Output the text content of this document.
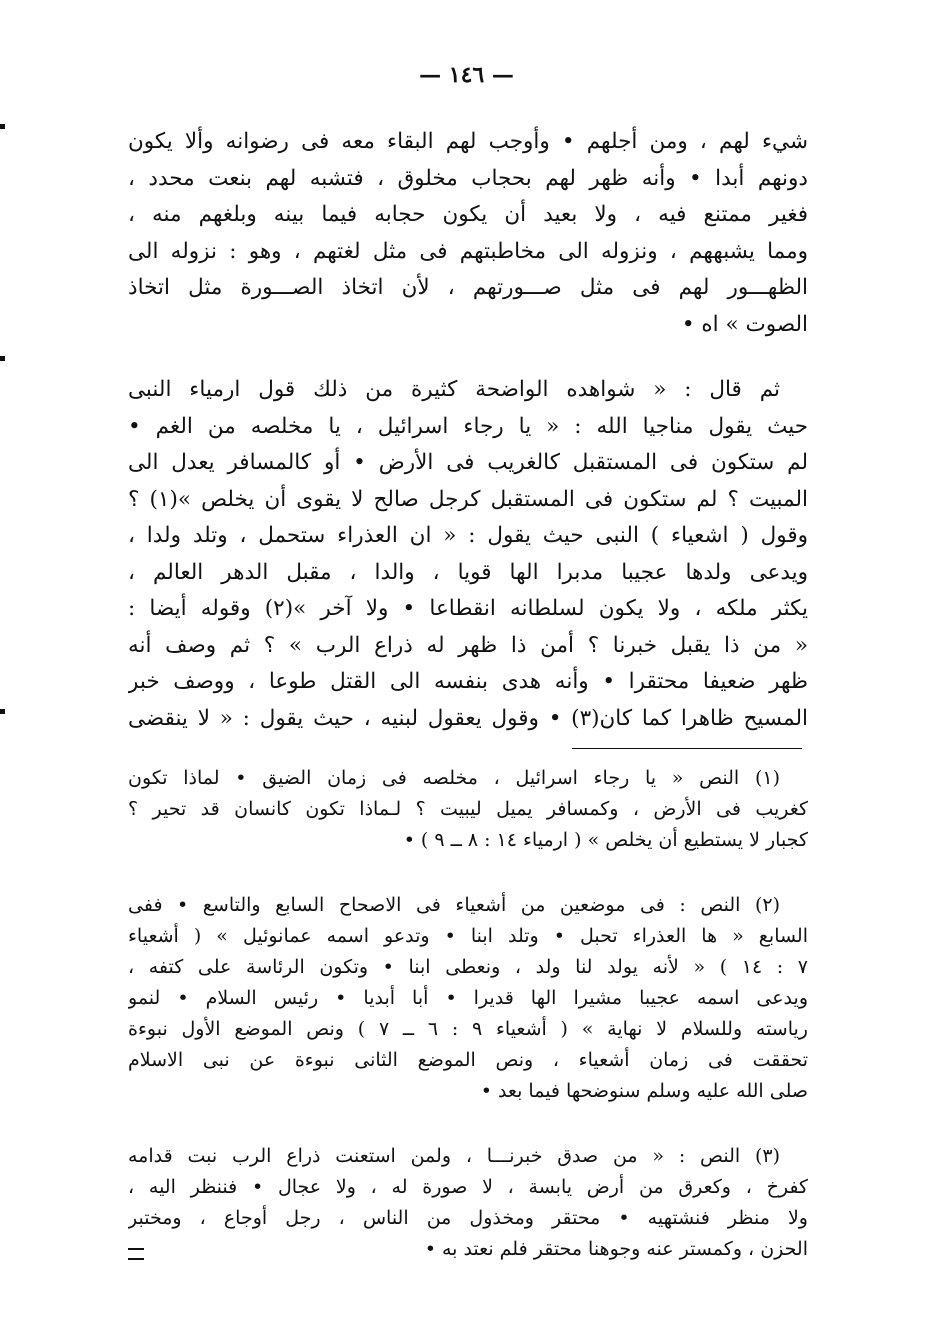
— ١٤٦ —
شيء لهم ، ومن أجلهم • وأوجب لهم البقاء معه فى رضوانه وألا يكون
دونهم أبدا • وأنه ظهر لهم بحجاب مخلوق ، فتشبه لهم بنعت محدد ،
فغير ممتنع فيه ، ولا بعيد أن يكون حجابه فيما بينه وبلغهم منه ،
ومما يشبههم ، ونزوله الى مخاطبتهم فى مثل لغتهم ، وهو : نزوله الى
الظهـــور لهم فى مثل صـــورتهم ، لأن اتخاذ الصـــورة مثل اتخاذ
الصوت » اه •
ثم قال : « شواهده الواضحة كثيرة من ذلك قول ارمياء النبى
حيث يقول مناجيا الله : « يا رجاء اسرائيل ، يا مخلصه من الغم •
لم ستكون فى المستقبل كالغريب فى الأرض • أو كالمسافر يعدل الى
المبيت ؟ لم ستكون فى المستقبل كرجل صالح لا يقوى أن يخلص »(١) ؟
وقول ( اشعياء ) النبى حيث يقول : « ان العذراء ستحمل ، وتلد ولدا ،
ويدعى ولدها عجيبا مدبرا الها قويا ، والدا ، مقبل الدهر العالم ،
يكثر ملكه ، ولا يكون لسلطانه انقطاعا • ولا آخر »(٢) وقوله أيضا :
« من ذا يقبل خبرنا ؟ أمن ذا ظهر له ذراع الرب » ؟ ثم وصف أنه
ظهر ضعيفا محتقرا • وأنه هدى بنفسه الى القتل طوعا ، ووصف خبر
المسيح ظاهرا كما كان(٣) • وقول يعقول لبنيه ، حيث يقول : « لا ينقضى
(١) النص « يا رجاء اسرائيل ، مخلصه فى زمان الضيق • لماذا تكون
كغريب فى الأرض ، وكمسافر يميل ليبيت ؟ لـماذا تكون كانسان قد تحير ؟
كجبار لا يستطيع أن يخلص » ( ارمياء ١٤ : ٨ ــ ٩ ) •
(٢) النص : فى موضعين من أشعياء فى الاصحاح السابع والتاسع • ففى
السابع « ها العذراء تحبل • وتلد ابنا • وتدعو اسمه عمانوئيل » ( أشعياء
٧ : ١٤ ) « لأنه يولد لنا ولد ، ونعطى ابنا • وتكون الرئاسة على كتفه ،
ويدعى اسمه عجيبا مشيرا الها قديرا • أبا أبديا • رئيس السلام • لنمو
رياسته وللسلام لا نهاية » ( أشعياء ٩ : ٦ ــ ٧ ) ونص الموضع الأول نبوءة
تحققت فى زمان أشعياء ، ونص الموضع الثانى نبوءة عن نبى الاسلام
صلى الله عليه وسلم سنوضحها فيما بعد •
(٣) النص : « من صدق خبرنـــا ، ولمن استعنت ذراع الرب نبت قدامه
كفرخ ، وكعرق من أرض يابسة ، لا صورة له ، ولا عجال • فننظر اليه ،
ولا منظر فنشتهيه • محتقر ومخذول من الناس ، رجل أوجاع ، ومختبر
الحزن ، وكمستر عنه وجوهنا محتقر فلم نعتد به •
